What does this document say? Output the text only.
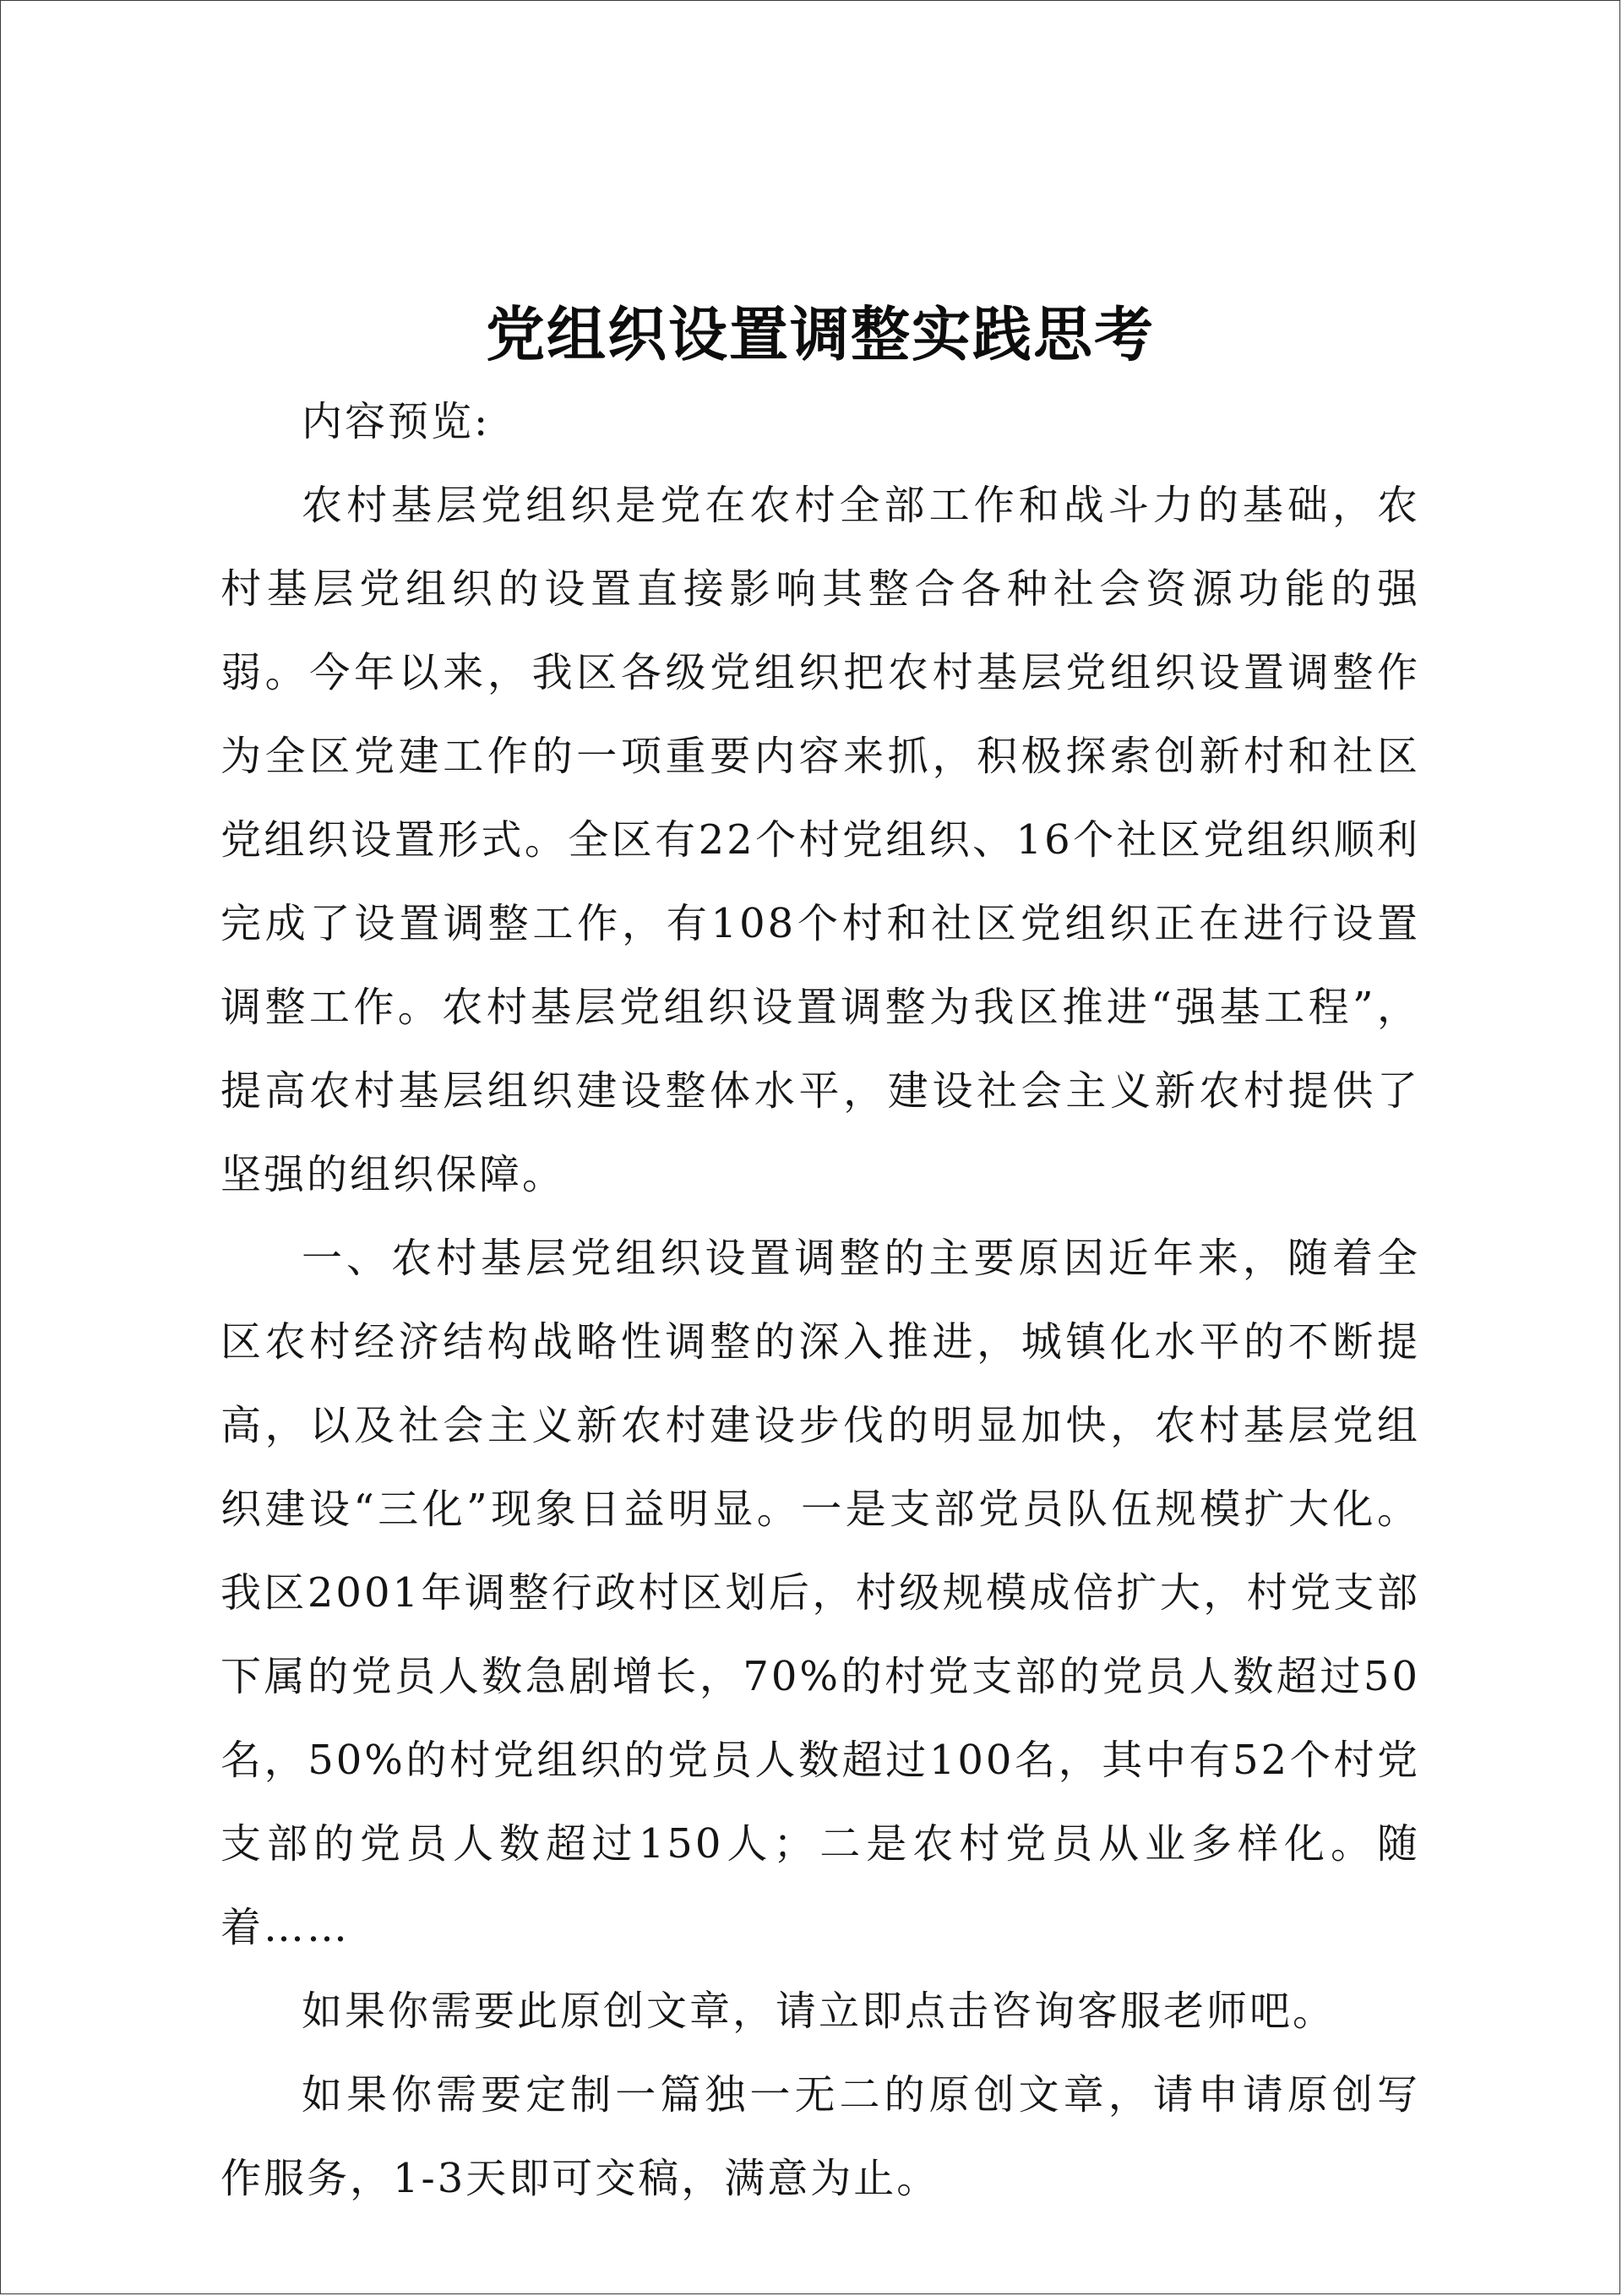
党组织设置调整实践思考

内容预览:

农村基层党组织是党在农村全部工作和战斗力的基础，农村基层党组织的设置直接影响其整合各种社会资源功能的强弱。今年以来，我区各级党组织把农村基层党组织设置调整作为全区党建工作的一项重要内容来抓，积极探索创新村和社区党组织设置形式。全区有22个村党组织、16个社区党组织顺利完成了设置调整工作，有108个村和社区党组织正在进行设置调整工作。农村基层党组织设置调整为我区推进“强基工程”，提高农村基层组织建设整体水平，建设社会主义新农村提供了坚强的组织保障。

一、农村基层党组织设置调整的主要原因近年来，随着全区农村经济结构战略性调整的深入推进，城镇化水平的不断提高，以及社会主义新农村建设步伐的明显加快，农村基层党组织建设“三化”现象日益明显。一是支部党员队伍规模扩大化。我区2001年调整行政村区划后，村级规模成倍扩大，村党支部下属的党员人数急剧增长，70%的村党支部的党员人数超过50名，50%的村党组织的党员人数超过100名，其中有52个村党支部的党员人数超过150人；二是农村党员从业多样化。随着……

如果你需要此原创文章，请立即点击咨询客服老师吧。

如果你需要定制一篇独一无二的原创文章，请申请原创写作服务，1-3天即可交稿，满意为止。
